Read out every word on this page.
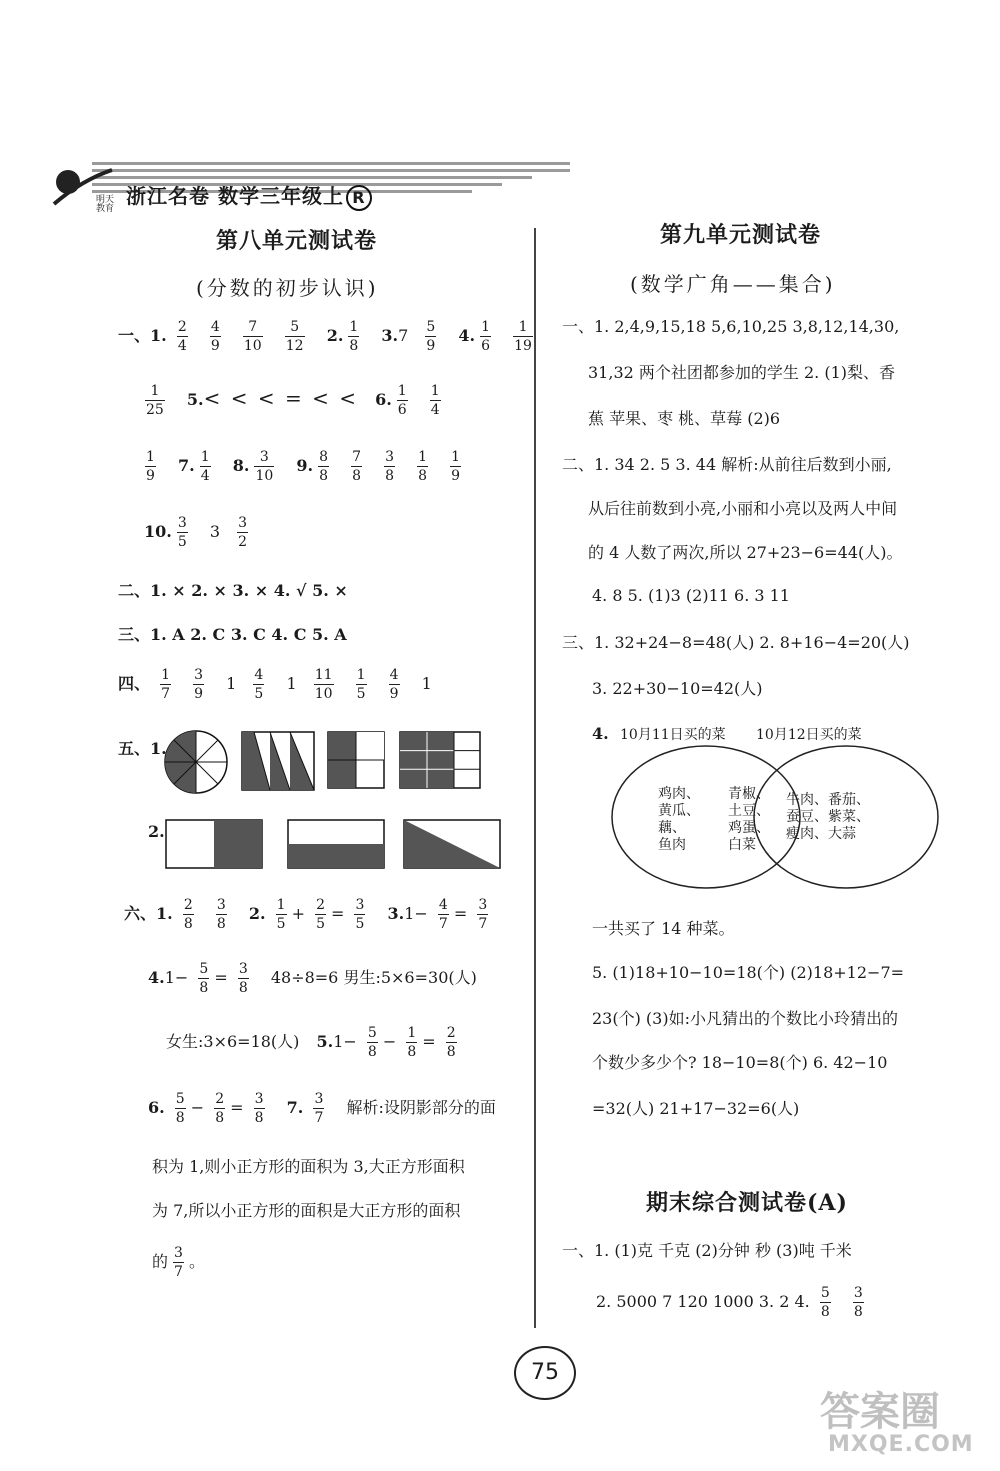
明天
教育
浙江名卷 数学三年级上 R
第八单元测试卷
(分数的初步认识)
一、1. $\frac{2}{4}$
$\frac{4}{9}$
$\frac{7}{10}$
$\frac{5}{12} 2$. $\frac{1}{8} 3.7 \frac{5}{9} 4$. $\frac{1}{6}$
$\frac{1}{19}$
$\frac{1}{25} 5.<$ < < = < < 6. $\frac{1}{6}$
$\frac{1}{4}$
$\frac{1}{9} 7$. $\frac{1}{4} 8$. $\frac{3}{10} 9$. $\frac{8}{8}$
$\frac{7}{8}$
$\frac{3}{8}$
$\frac{1}{8}$
$\frac{1}{9}$
10. $\frac{3}{5} 3 \frac{3}{2}$
二、1. × 2. × 3. × 4. √ 5. ×
三、1. A 2. C 3. C 4. C 5. A
四、 $\frac{1}{7}$
$\frac{3}{9} 1 \frac{4}{5} 1 \frac{11}{10}$
$\frac{1}{5}$
$\frac{4}{9} 1$
五、1.
2.
六、1. $\frac{2}{8}$
$\frac{3}{8} 2$. $\frac{1}{5} + \frac{2}{5} = \frac{3}{5} 3.1- \frac{4}{7} = \frac{3}{7}$
$4.1- \frac{5}{8} = \frac{3}{8} 48\div 8=6$ 男生:5×6=30(人)
女生:3×6=18(人) $5.1- \frac{5}{8} - \frac{1}{8} = \frac{2}{8}$
6. $\frac{5}{8} - \frac{2}{8} = \frac{3}{8} 7$. $\frac{3}{7}$ 解析:设阴影部分的面
积为 1,则小正方形的面积为 3,大正方形面积
为 7,所以小正方形的面积是大正方形的面积
的 $\frac{3}{7}$ 。
第九单元测试卷
(数学广角——集合)
一、1. 2,4,9,15,18 5,6,10,25 3,8,12,14,30,
31,32 两个社团都参加的学生 2. (1)梨、香
蕉 苹果、枣 桃、草莓 (2)6
二、1. 34 2. 5 3. 44 解析:从前往后数到小丽,
从后往前数到小亮,小丽和小亮以及两人中间
的 4 人数了两次,所以 27+23−6=44(人)。
4. 8 5. (1)3 (2)11 6. 3 11
三、1. 32+24−8=48(人) 2. 8+16−4=20(人)
3. 22+30−10=42(人)
4. 10月11日买的菜 10月12日买的菜
鸡肉、
黄瓜、
藕、
鱼肉
青椒、
土豆、
鸡蛋、
白菜
牛肉、番茄、
蚕豆、紫菜、
瘦肉、大蒜
一共买了 14 种菜。
5. (1)18+10−10=18(个) (2)18+12−7=
23(个) (3)如:小凡猜出的个数比小玲猜出的
个数少多少个? 18−10=8(个) 6. 42−10
=32(人) 21+17−32=6(人)
期末综合测试卷(A)
一、1. (1)克 千克 (2)分钟 秒 (3)吨 千米
2. 5000 7 120 1000 3. 2 4. $\frac{5}{8}$
$\frac{3}{8}$
75
答案圈
MXQE.COM
